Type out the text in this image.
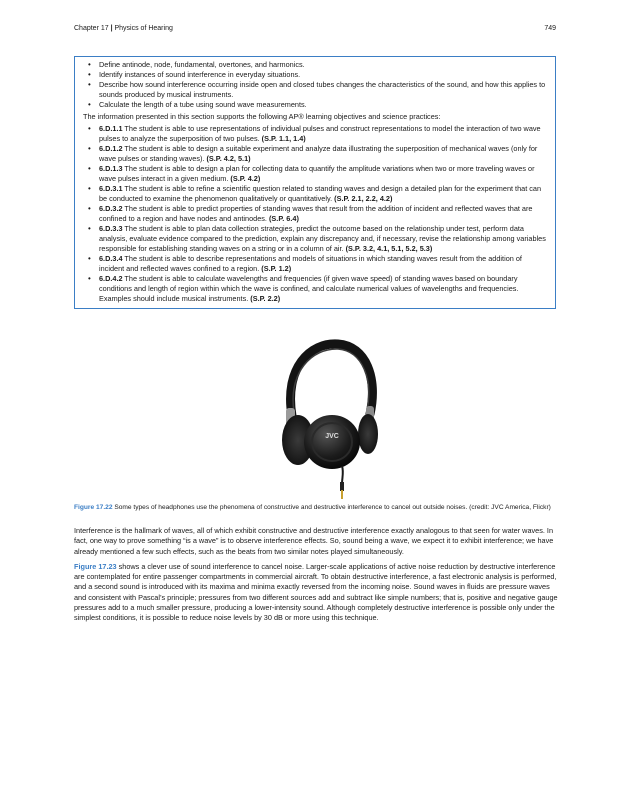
Chapter 17 | Physics of Hearing	749
• Define antinode, node, fundamental, overtones, and harmonics.
• Identify instances of sound interference in everyday situations.
• Describe how sound interference occurring inside open and closed tubes changes the characteristics of the sound, and how this applies to sounds produced by musical instruments.
• Calculate the length of a tube using sound wave measurements.

The information presented in this section supports the following AP® learning objectives and science practices:

• 6.D.1.1 The student is able to use representations of individual pulses and construct representations to model the interaction of two wave pulses to analyze the superposition of two pulses. (S.P. 1.1, 1.4)
• 6.D.1.2 The student is able to design a suitable experiment and analyze data illustrating the superposition of mechanical waves (only for wave pulses or standing waves). (S.P. 4.2, 5.1)
• 6.D.1.3 The student is able to design a plan for collecting data to quantify the amplitude variations when two or more traveling waves or wave pulses interact in a given medium. (S.P. 4.2)
• 6.D.3.1 The student is able to refine a scientific question related to standing waves and design a detailed plan for the experiment that can be conducted to examine the phenomenon qualitatively or quantitatively. (S.P. 2.1, 2.2, 4.2)
• 6.D.3.2 The student is able to predict properties of standing waves that result from the addition of incident and reflected waves that are confined to a region and have nodes and antinodes. (S.P. 6.4)
• 6.D.3.3 The student is able to plan data collection strategies, predict the outcome based on the relationship under test, perform data analysis, evaluate evidence compared to the prediction, explain any discrepancy and, if necessary, revise the relationship among variables responsible for establishing standing waves on a string or in a column of air. (S.P. 3.2, 4.1, 5.1, 5.2, 5.3)
• 6.D.3.4 The student is able to describe representations and models of situations in which standing waves result from the addition of incident and reflected waves confined to a region. (S.P. 1.2)
• 6.D.4.2 The student is able to calculate wavelengths and frequencies (if given wave speed) of standing waves based on boundary conditions and length of region within which the wave is confined, and calculate numerical values of wavelengths and frequencies. Examples should include musical instruments. (S.P. 2.2)
JVC
Figure 17.22 Some types of headphones use the phenomena of constructive and destructive interference to cancel out outside noises. (credit: JVC America, Flickr)

Interference is the hallmark of waves, all of which exhibit constructive and destructive interference exactly analogous to that seen for water waves. In fact, one way to prove something “is a wave” is to observe interference effects. So, sound being a wave, we expect it to exhibit interference; we have already mentioned a few such effects, such as the beats from two similar notes played simultaneously.

Figure 17.23 shows a clever use of sound interference to cancel noise. Larger-scale applications of active noise reduction by destructive interference are contemplated for entire passenger compartments in commercial aircraft. To obtain destructive interference, a fast electronic analysis is performed, and a second sound is introduced with its maxima and minima exactly reversed from the incoming noise. Sound waves in fluids are pressure waves and consistent with Pascal’s principle; pressures from two different sources add and subtract like simple numbers; that is, positive and negative gauge pressures add to a much smaller pressure, producing a lower-intensity sound. Although completely destructive interference is possible only under the simplest conditions, it is possible to reduce noise levels by 30 dB or more using this technique.
